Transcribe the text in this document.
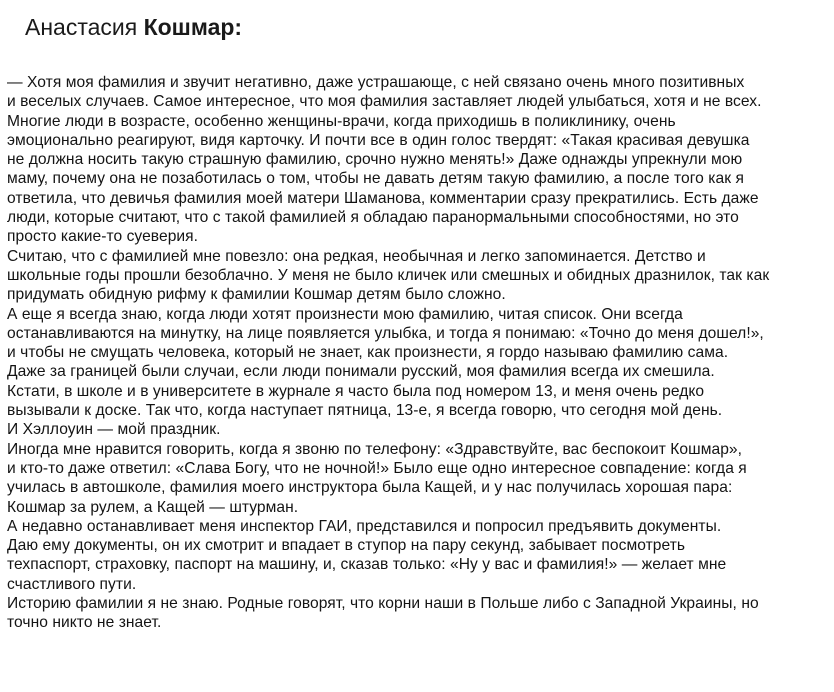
Анастасия Кошмар:
— Хотя моя фамилия и звучит негативно, даже устрашающе, с ней связано очень много позитивных
и веселых случаев. Самое интересное, что моя фамилия заставляет людей улыбаться, хотя и не всех.
Многие люди в возрасте, особенно женщины-врачи, когда приходишь в поликлинику, очень
эмоционально реагируют, видя карточку. И почти все в один голос твердят: «Такая красивая девушка
не должна носить такую страшную фамилию, срочно нужно менять!» Даже однажды упрекнули мою
маму, почему она не позаботилась о том, чтобы не давать детям такую фамилию, а после того как я
ответила, что девичья фамилия моей матери Шаманова, комментарии сразу прекратились. Есть даже
люди, которые считают, что с такой фамилией я обладаю паранормальными способностями, но это
просто какие-то суеверия.
Считаю, что с фамилией мне повезло: она редкая, необычная и легко запоминается. Детство и
школьные годы прошли безоблачно. У меня не было кличек или смешных и обидных дразнилок, так как
придумать обидную рифму к фамилии Кошмар детям было сложно.
А еще я всегда знаю, когда люди хотят произнести мою фамилию, читая список. Они всегда
останавливаются на минутку, на лице появляется улыбка, и тогда я понимаю: «Точно до меня дошел!»,
и чтобы не смущать человека, который не знает, как произнести, я гордо называю фамилию сама.
Даже за границей были случаи, если люди понимали русский, моя фамилия всегда их смешила.
Кстати, в школе и в университете в журнале я часто была под номером 13, и меня очень редко
вызывали к доске. Так что, когда наступает пятница, 13-е, я всегда говорю, что сегодня мой день.
И Хэллоуин — мой праздник.
Иногда мне нравится говорить, когда я звоню по телефону: «Здравствуйте, вас беспокоит Кошмар»,
и кто-то даже ответил: «Слава Богу, что не ночной!» Было еще одно интересное совпадение: когда я
училась в автошколе, фамилия моего инструктора была Кащей, и у нас получилась хорошая пара:
Кошмар за рулем, а Кащей — штурман.
А недавно останавливает меня инспектор ГАИ, представился и попросил предъявить документы.
Даю ему документы, он их смотрит и впадает в ступор на пару секунд, забывает посмотреть
техпаспорт, страховку, паспорт на машину, и, сказав только: «Ну у вас и фамилия!» — желает мне
счастливого пути.
Историю фамилии я не знаю. Родные говорят, что корни наши в Польше либо с Западной Украины, но
точно никто не знает.
